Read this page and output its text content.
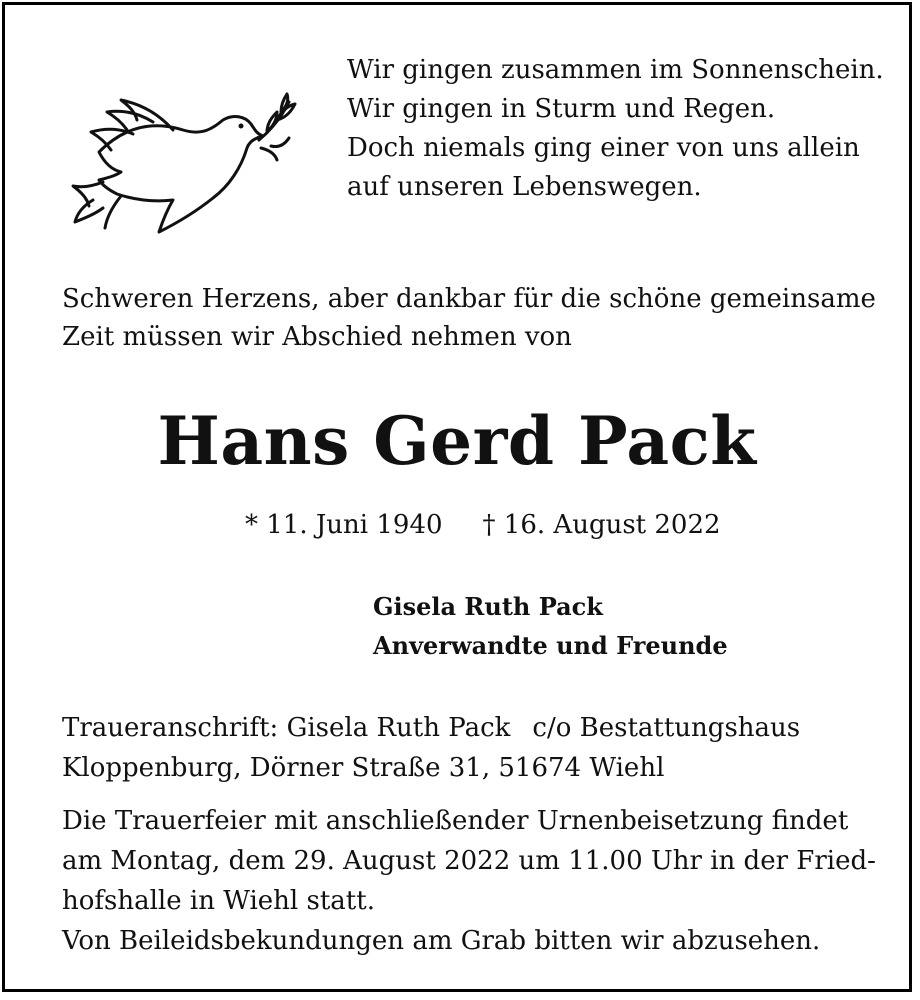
Wir gingen zusammen im Sonnenschein.
Wir gingen in Sturm und Regen.
Doch niemals ging einer von uns allein
auf unseren Lebenswegen.
Schweren Herzens, aber dankbar für die schöne gemeinsame
Zeit müssen wir Abschied nehmen von
Hans Gerd Pack
* 11. Juni 1940 † 16. August 2022
Gisela Ruth Pack
Anverwandte und Freunde
Traueranschrift: Gisela Ruth Pack c/o Bestattungshaus
Kloppenburg, Dörner Straße 31, 51674 Wiehl
Die Trauerfeier mit anschließender Urnenbeisetzung findet
am Montag, dem 29. August 2022 um 11.00 Uhr in der Fried-
hofshalle in Wiehl statt.
Von Beileidsbekundungen am Grab bitten wir abzusehen.
